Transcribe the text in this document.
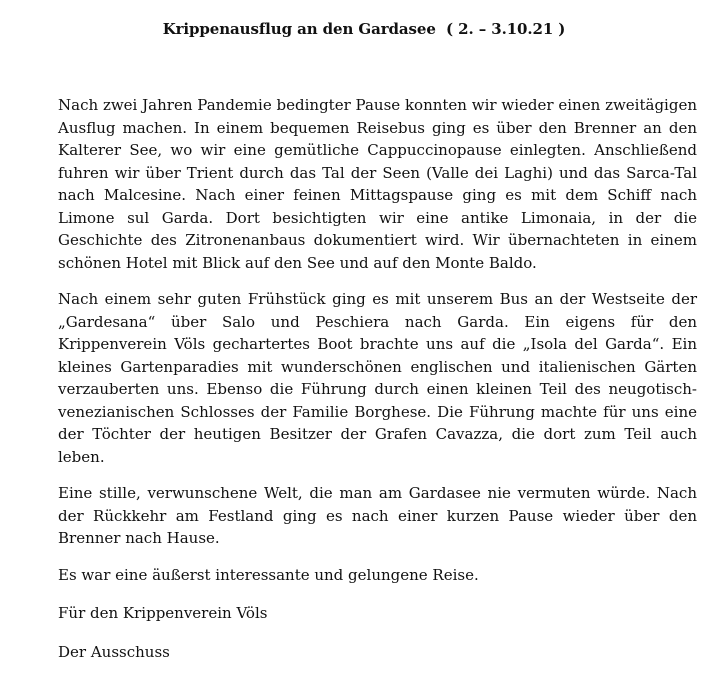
Krippenausflug an den Gardasee  ( 2. – 3.10.21 )

Nach zwei Jahren Pandemie bedingter Pause konnten wir wieder einen zweitägigen Ausflug machen. In einem bequemen Reisebus ging es über den Brenner an den Kalterer See, wo wir eine gemütliche Cappuccinopause einlegten. Anschließend fuhren wir über Trient durch das Tal der Seen (Valle dei Laghi) und das Sarca-Tal nach Malcesine. Nach einer feinen Mittagspause ging es mit dem Schiff nach Limone sul Garda. Dort besichtigten wir eine antike Limonaia, in der die Geschichte des Zitronenanbaus dokumentiert wird. Wir übernachteten in einem schönen Hotel mit Blick auf den See und auf den Monte Baldo.

Nach einem sehr guten Frühstück ging es mit unserem Bus an der Westseite der „Gardesana“ über Salo und Peschiera nach Garda. Ein eigens für den Krippenverein Völs gechartertes Boot brachte uns auf die „Isola del Garda“. Ein kleines Gartenparadies mit wunderschönen englischen und italienischen Gärten verzauberten uns. Ebenso die Führung durch einen kleinen Teil des neugotisch-venezianischen Schlosses der Familie Borghese. Die Führung machte für uns eine der Töchter der heutigen Besitzer der Grafen Cavazza, die dort zum Teil auch leben.

Eine stille, verwunschene Welt, die man am Gardasee nie vermuten würde. Nach der Rückkehr am Festland ging es nach einer kurzen Pause wieder über den Brenner nach Hause.

Es war eine äußerst interessante und gelungene Reise.

Für den Krippenverein Völs

Der Ausschuss
